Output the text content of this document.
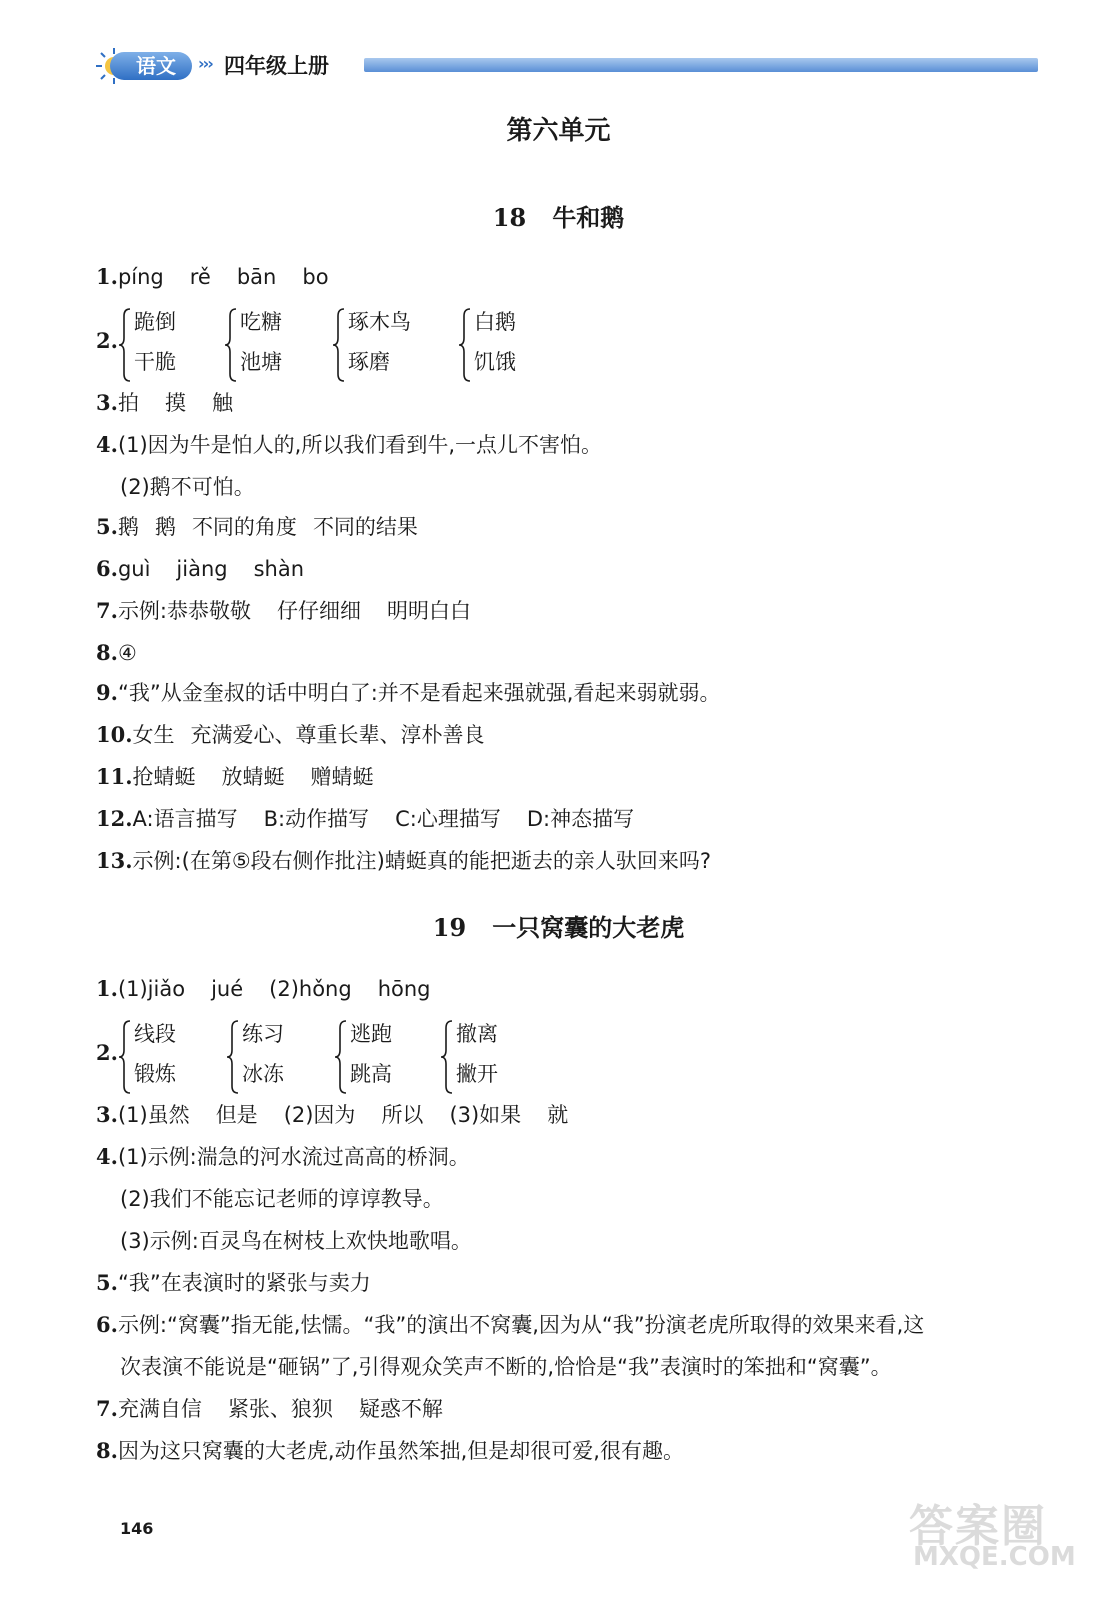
语文	››› 四年级上册
第六单元
18 牛和鹅
1.píng rě bān bo
2.
跪倒
干脆
吃糖
池塘
琢木鸟
琢磨
白鹅
饥饿
3.拍 摸 触
4.(1)因为牛是怕人的,所以我们看到牛,一点儿不害怕。
(2)鹅不可怕。
5.鹅 鹅 不同的角度 不同的结果
6.guì jiàng shàn
7.示例:恭恭敬敬 仔仔细细 明明白白
8.④
9.“我”从金奎叔的话中明白了:并不是看起来强就强,看起来弱就弱。
10.女生 充满爱心、尊重长辈、淳朴善良
11.抢蜻蜓 放蜻蜓 赠蜻蜓
12.A:语言描写 B:动作描写 C:心理描写 D:神态描写
13.示例:(在第⑤段右侧作批注)蜻蜓真的能把逝去的亲人驮回来吗?
19 一只窝囊的大老虎
1.(1)jiǎo jué (2)hǒng hōng
2.
线段
锻炼
练习
冰冻
逃跑
跳高
撤离
撇开
3.(1)虽然 但是 (2)因为 所以 (3)如果 就
4.(1)示例:湍急的河水流过高高的桥洞。
(2)我们不能忘记老师的谆谆教导。
(3)示例:百灵鸟在树枝上欢快地歌唱。
5.“我”在表演时的紧张与卖力
6.示例:“窝囊”指无能,怯懦。“我”的演出不窝囊,因为从“我”扮演老虎所取得的效果来看,这
次表演不能说是“砸锅”了,引得观众笑声不断的,恰恰是“我”表演时的笨拙和“窝囊”。
7.充满自信 紧张、狼狈 疑惑不解
8.因为这只窝囊的大老虎,动作虽然笨拙,但是却很可爱,很有趣。
146	答案圈
MXQE.COM
